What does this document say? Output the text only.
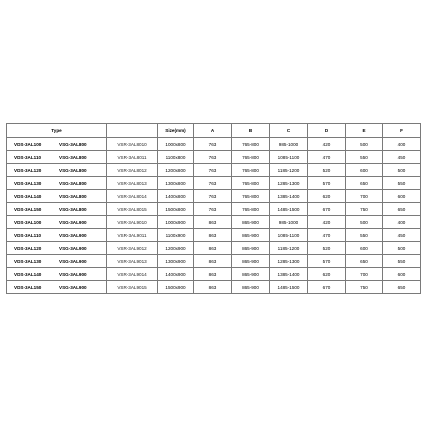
Type		Size(mm)	A	B	C	D	E	F
VDS-3AL100 VSG-3AL800	VSR-3AL8010	1000x800	763	765-800	985-1000	420	500	400
VDS-3AL110 VSG-3AL800	VSR-3AL8011	1100x800	763	765-800	1085-1100	470	550	450
VDS-3AL120 VSG-3AL800	VSR-3AL8012	1200x800	763	765-800	1185-1200	520	600	500
VDS-3AL130 VSG-3AL800	VSR-3AL8013	1300x800	763	765-800	1285-1300	570	650	550
VDS-3AL140 VSG-3AL800	VSR-3AL8014	1400x800	763	765-800	1385-1400	620	700	600
VDS-3AL150 VSG-3AL800	VSR-3AL8015	1500x800	763	765-800	1485-1500	670	750	650
VDS-3AL100 VSG-3AL900	VSR-3AL9010	1000x900	863	865-900	985-1000	420	500	400
VDS-3AL110 VSG-3AL900	VSR-3AL9011	1100x900	863	865-900	1085-1100	470	550	450
VDS-3AL120 VSG-3AL900	VSR-3AL9012	1200x900	863	865-900	1185-1200	520	600	500
VDS-3AL130 VSG-3AL900	VSR-3AL9013	1300x900	863	865-900	1285-1300	570	650	550
VDS-3AL140 VSG-3AL900	VSR-3AL9014	1400x900	863	865-900	1385-1400	620	700	600
VDS-3AL150 VSG-3AL900	VSR-3AL9015	1500x900	863	865-900	1485-1500	670	750	650
